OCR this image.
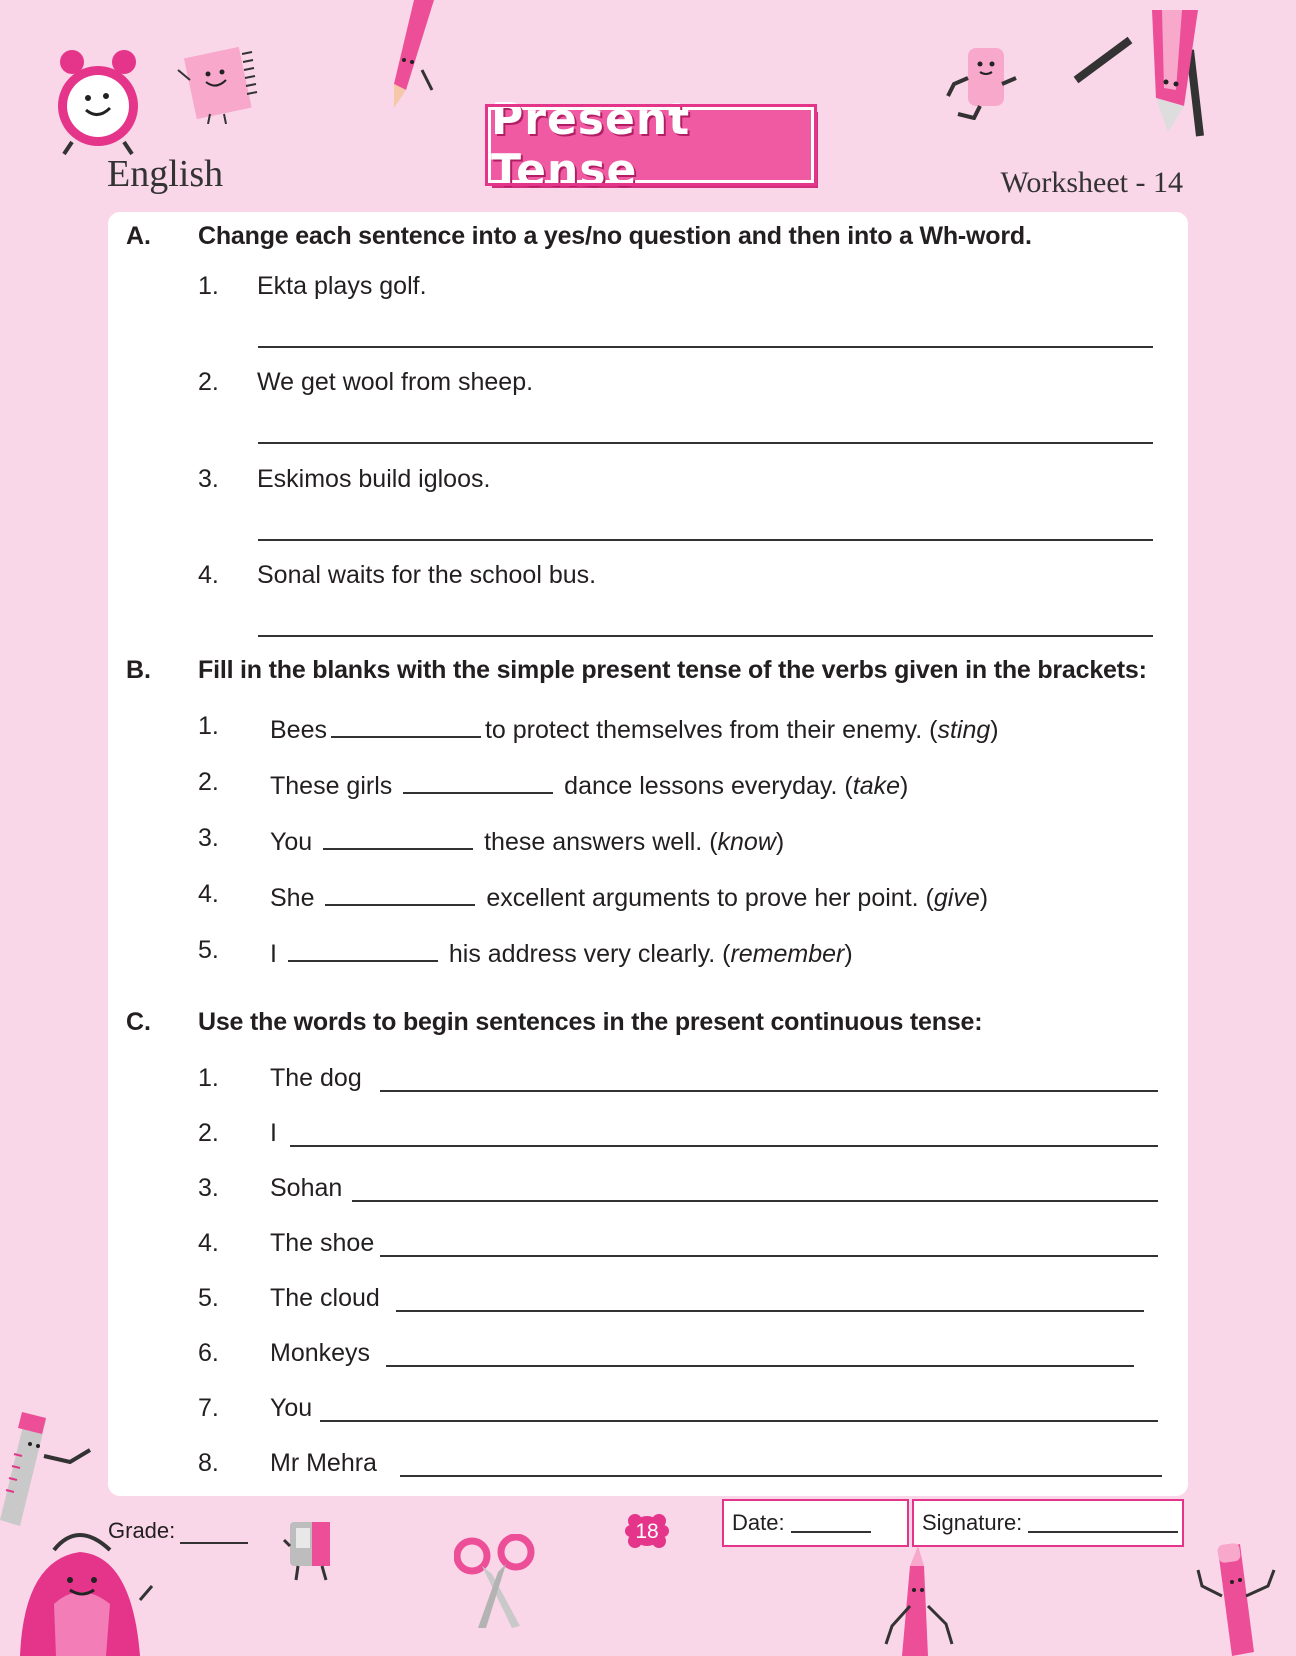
English
Present Tense	Worksheet - 14
A. Change each sentence into a yes/no question and then into a Wh-word.
1. Ekta plays golf.
2. We get wool from sheep.
3. Eskimos build igloos.
4. Sonal waits for the school bus.
B. Fill in the blanks with the simple present tense of the verbs given in the brackets:
1. Bees	to protect themselves from their enemy. (sting)
2. These girls	dance lessons everyday. (take)
3. You	these answers well. (know)
4. She	excellent arguments to prove her point. (give)
5. I	his address very clearly. (remember)
C. Use the words to begin sentences in the present continuous tense:
1. The dog
2. I
3. Sohan
4. The shoe
5. The cloud
6. Monkeys
7. You
8. Mr Mehra
Grade:	18	Date:	Signature:
